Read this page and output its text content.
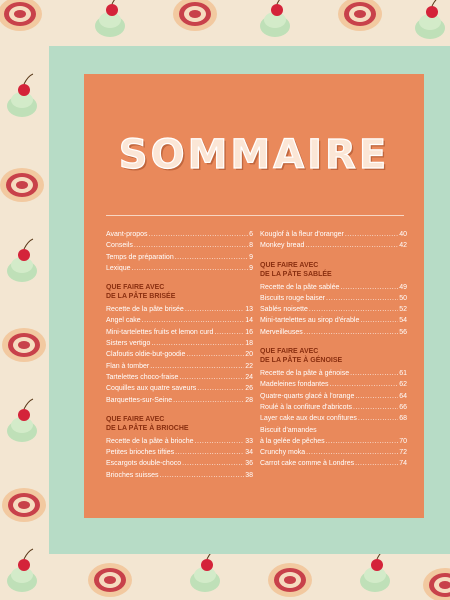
SOMMAIRE
Avant-propos .....	6
Conseils .....	8
Temps de préparation .....	9
Lexique .....	9
QUE FAIRE AVEC
DE LA PÂTE BRISÉE
Recette de la pâte brisée .....	13
Angel cake .....	14
Mini-tartelettes fruits et lemon curd .....	16
Sisters vertigo .....	18
Clafoutis oldie-but-goodie .....	20
Flan à tomber .....	22
Tartelettes choco-fraise .....	24
Coquilles aux quatre saveurs .....	26
Barquettes-sur-Seine .....	28
QUE FAIRE AVEC
DE LA PÂTE À BRIOCHE
Recette de la pâte à brioche .....	33
Petites brioches tifties .....	34
Escargots double-choco .....	36
Brioches suisses .....	38
Kouglof à la fleur d'oranger .....	40
Monkey bread .....	42
QUE FAIRE AVEC
DE LA PÂTE SABLÉE
Recette de la pâte sablée .....	49
Biscuits rouge baiser .....	50
Sablés noisette .....	52
Mini-tartelettes au sirop d'érable .....	54
Merveilleuses .....	56
QUE FAIRE AVEC
DE LA PÂTE À GÉNOISE
Recette de la pâte à génoise .....	61
Madeleines fondantes .....	62
Quatre-quarts glacé à l'orange .....	64
Roulé à la confiture d'abricots .....	66
Layer cake aux deux confitures .....	68
Biscuit d'amandes
à la gelée de pêches .....	70
Crunchy moka .....	72
Carrot cake comme à Londres .....	74
